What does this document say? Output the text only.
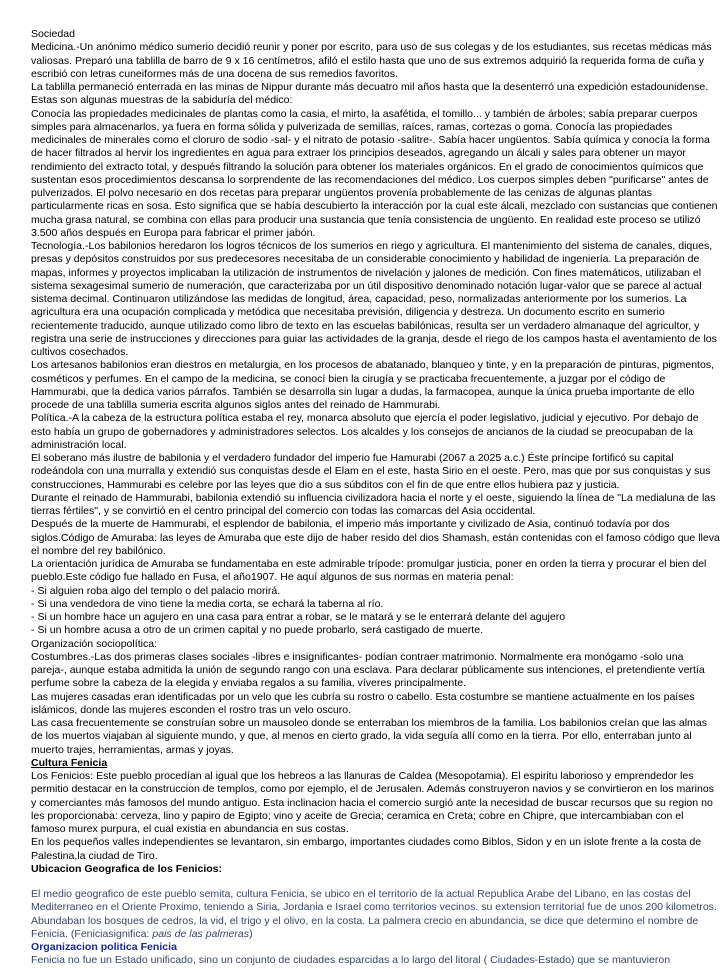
Sociedad

Medicina.-Un anónimo médico sumerio decidió reunir y poner por escrito, para uso de sus colegas y de los estudiantes, sus recetas médicas más valiosas. Preparó una tablilla de barro de 9 x 16 centímetros, afiló el estilo hasta que uno de sus extremos adquirió la requerida forma de cuña y escribió con letras cuneiformes más de una docena de sus remedios favoritos.

La tablilla permaneció enterrada en las minas de Nippur durante más decuatro mil años hasta que la desenterró una expedición estadounidense. Estas son algunas muestras de la sabiduría del médico:

Conocía las propiedades medicinales de plantas como la casia, el mirto, la asafétida, el tomillo... y también de árboles; sabía preparar cuerpos simples para almacenarlos, ya fuera en forma sólida y pulverizada de semillas, raíces, ramas, cortezas o goma. Conocía las propiedades medicinales de minerales como el cloruro de sodio -sal- y el nitrato de potasio -salitre-. Sabía hacer ungüentos. Sabía química y conocía la forma de hacer filtrados al hervir los ingredientes en agua para extraer los principios deseados, agregando un álcali y sales para obtener un mayor rendimiento del extracto total, y después filtrando la solución para obtener los materiales orgánicos. En el grado de conocimientos químicos que sustentan esos procedimientos descansa lo sorprendente de las recomendaciones del médico. Los cuerpos simples deben "purificarse" antes de pulverizados. El polvo necesario en dos recetas para preparar ungüentos provenía probablemente de las cenizas de algunas plantas particularmente ricas en sosa. Esto significa que se había descubierto la interacción por la cual este álcali, mezclado con sustancias que contienen mucha grasa natural, se combina con ellas para producir una sustancia que tenía consistencia de ungüento. En realidad este proceso se utilizó 3.500 años después en Europa para fabricar el primer jabón.

Tecnología.-Los babilonios heredaron los logros técnicos de los sumerios en riego y agricultura. El mantenimiento del sistema de canales, diques, presas y depósitos construidos por sus predecesores necesitaba de un considerable conocimiento y habilidad de ingeniería. La preparación de mapas, informes y proyectos implicaban la utilización de instrumentos de nivelación y jalones de medición. Con fines matemáticos, utilizaban el sistema sexagesimal sumerio de numeración, que caracterizaba por un útil dispositivo denominado notación lugar-valor que se parece al actual sistema decimal. Continuaron utilizándose las medidas de longitud, área, capacidad, peso, normalizadas anteriormente por los sumerios. La agricultura era una ocupación complicada y metódica que necesitaba previsión, diligencia y destreza. Un documento escrito en sumerio recientemente traducido, aunque utilizado como libro de texto en las escuelas babilónicas, resulta ser un verdadero almanaque del agricultor, y registra una serie de instrucciones y direcciones para guiar las actividades de la granja, desde el riego de los campos hasta el aventamiento de los cultivos cosechados.

Los artesanos babilonios eran diestros en metalurgia, en los procesos de abatanado, blanqueo y tinte, y en la preparación de pinturas, pigmentos, cosméticos y perfumes. En el campo de la medicina, se conocí bien la cirugía y se practicaba frecuentemente, a juzgar por el código de Hammurabi, que la dedica varios párrafos. También se desarrolla sin lugar a dudas, la farmacopea, aunque la única prueba importante de ello procede de una tablilla sumeria escrita algunos siglos antes del reinado de Hammurabi.

Política.-A la cabeza de la estructura política estaba el rey, monarca absoluto que ejercía el poder legislativo, judicial y ejecutivo. Por debajo de esto había un grupo de gobernadores y administradores selectos. Los alcaldes y los consejos de ancianos de la ciudad se preocupaban de la administración local.

El soberano más ilustre de babilonia y el verdadero fundador del imperio fue Hamurabi (2067 a 2025 a.c.) Éste príncipe fortificó su capital rodeándola con una murralla y extendió sus conquistas desde el Elam en el este, hasta Sirio en el oeste. Pero, mas que por sus conquistas y sus construcciones, Hammurabi es celebre por las leyes que dio a sus súbditos con el fin de que entre ellos hubiera paz y justicia.

Durante el reinado de Hammurabi, babilonia extendió su influencia civilizadora hacia el norte y el oeste, siguiendo la línea de "La medialuna de las tierras fértiles", y se convirtió en el centro principal del comercio con todas las comarcas del Asia occidental.

Después de la muerte de Hammurabi, el esplendor de babilonia, el imperio más importante y civilizado de Asia, continuó todavía por dos siglos.Código de Amuraba: las leyes de Amuraba que este dijo de haber resido del dios Shamash, están contenidas con el famoso código que lleva el nombre del rey babilónico.

La orientación jurídica de Amuraba se fundamentaba en este admirable trípode: promulgar justicia, poner en orden la tierra y procurar el bien del pueblo.Este código fue hallado en Fusa, el año1907. He aquí algunos de sus normas en materia penal:

- Si alguien roba algo del templo o del palacio morirá.

- Si una vendedora de vino tiene la media corta, se echará la taberna al río.

- Si un hombre hace un agujero en una casa para entrar a robar, se le matará y se le enterrará delante del agujero

- Si un hombre acusa a otro de un crimen capital y no puede probarlo, será castigado de muerte.

Organización sociopolítica:

Costumbres.-Las dos primeras clases sociales -libres e insignificantes- podían contraer matrimonio. Normalmente era monógamo -solo una pareja-, aunque estaba admitida la unión de segundo rango con una esclava. Para declarar públicamente sus intenciones, el pretendiente vertía perfume sobre la cabeza de la elegida y enviaba regalos a su familia, víveres principalmente.

Las mujeres casadas eran identificadas por un velo que les cubría su rostro o cabello. Esta costumbre se mantiene actualmente en los países islámicos, donde las mujeres esconden el rostro tras un velo oscuro.

Las casa frecuentemente se construían sobre un mausoleo donde se enterraban los miembros de la familia. Los babilonios creían que las almas de los muertos viajaban al siguiente mundo, y que, al menos en cierto grado, la vida seguía allí como en la tierra. Por ello, enterraban junto al muerto trajes, herramientas, armas y joyas.

Cultura Fenicia

Los Fenicios: Este pueblo procedían al igual que los hebreos a las llanuras de Caldea (Mesopotamia). El espiritu laborioso y emprendedor les permitio destacar en la construccion de templos, como por ejemplo, el de Jerusalen. Además construyeron navios y se convirtieron en los marinos y comerciantes más famosos del mundo antiguo. Esta inclinacion hacia el comercio surgió ante la necesidad de buscar recursos que su region no les proporcionaba: cerveza, lino y papiro de Egipto; vino y aceite de Grecia; ceramica en Creta; cobre en Chipre, que intercambiaban con el famoso murex purpura, el cual existia en abundancia en sus costas.

En los pequeños valles independientes se levantaron, sin embargo, importantes ciudades como Biblos, Sidon y en un islote frente a la costa de Palestina,la ciudad de Tiro.

Ubicacion Geografica de los Fenicios:

El medio geografico de este pueblo semita, cultura Fenicia, se ubico en el territorio de la actual Republica Arabe del Libano, en las costas del Mediterraneo en el Oriente Proximo, teniendo a Siria, Jordania e Israel como territorios vecinos. su extension territorial fue de unos 200 kilometros. Abundaban los bosques de cedros, la vid, el trigo y el olivo, en la costa. La palmera crecio en abundancia, se dice que determino el nombre de Fenicia. (Feniciasignifica: pais de las palmeras)

Organizacion politica Fenicia

Fenicia no fue un Estado unificado, sino un conjunto de ciudades esparcidas a lo largo del litoral ( Ciudades-Estado) que se mantuvieron
